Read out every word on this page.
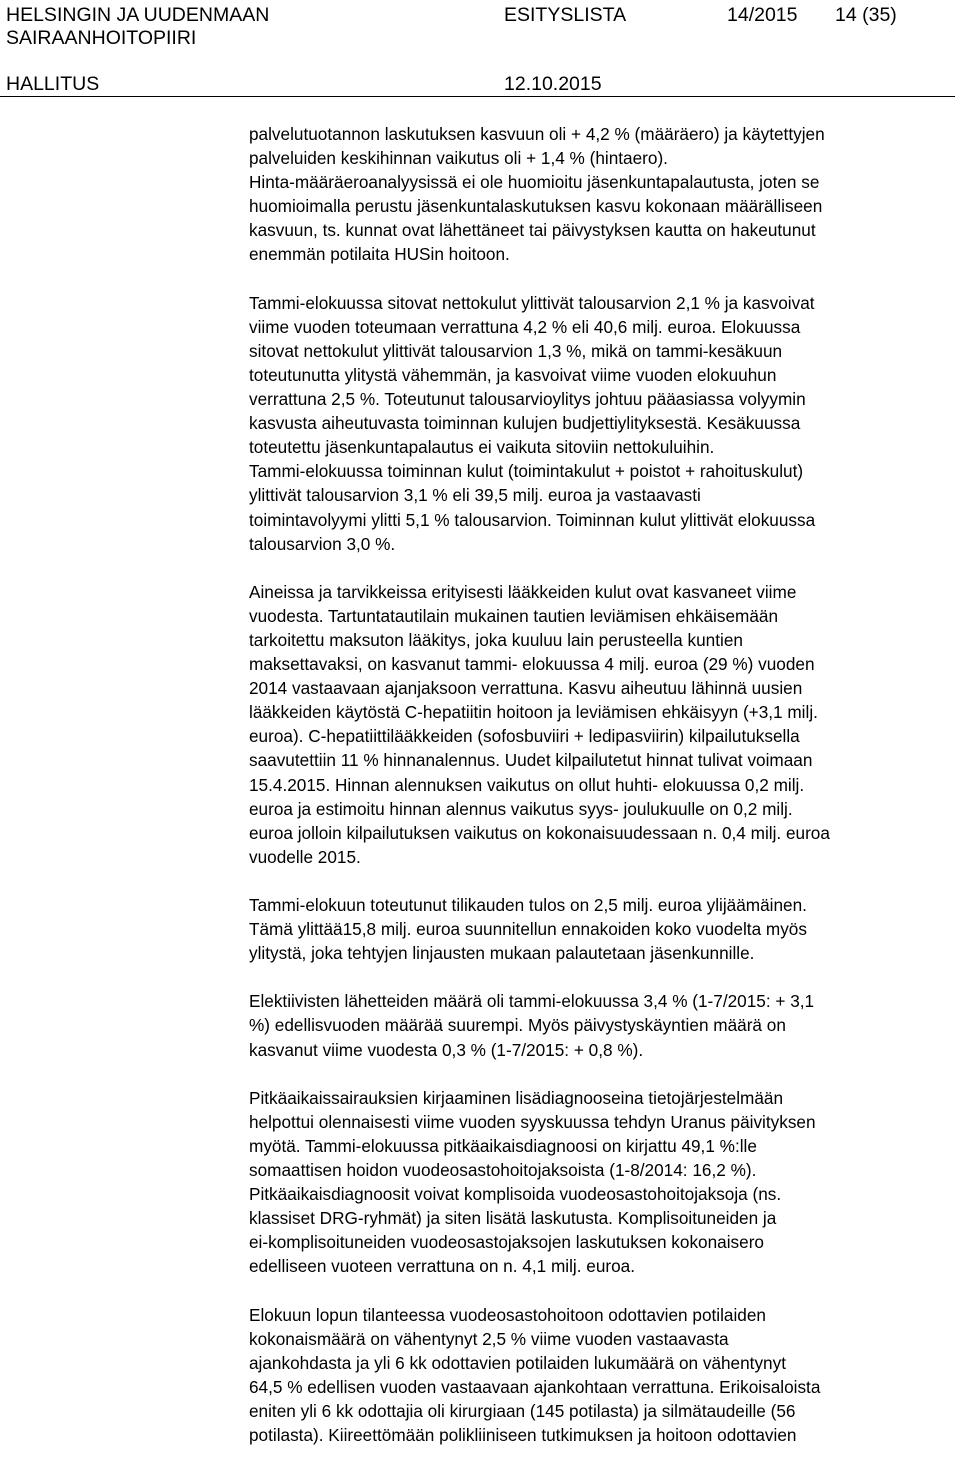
HELSINGIN JA UUDENMAAN
SAIRAANHOITOPIIRI
ESITYSLISTA	14/2015 14 (35)
HALLITUS	12.10.2015

palvelutuotannon laskutuksen kasvuun oli + 4,2 % (määräero) ja käytettyjen
palveluiden keskihinnan vaikutus oli + 1,4 % (hintaero).
Hinta-määräeroanalyysissä ei ole huomioitu jäsenkuntapalautusta, joten se
huomioimalla perustu jäsenkuntalaskutuksen kasvu kokonaan määrälliseen
kasvuun, ts. kunnat ovat lähettäneet tai päivystyksen kautta on hakeutunut
enemmän potilaita HUSin hoitoon.

Tammi-elokuussa sitovat nettokulut ylittivät talousarvion 2,1 % ja kasvoivat
viime vuoden toteumaan verrattuna 4,2 % eli 40,6 milj. euroa. Elokuussa
sitovat nettokulut ylittivät talousarvion 1,3 %, mikä on tammi-kesäkuun
toteutunutta ylitystä vähemmän, ja kasvoivat viime vuoden elokuuhun
verrattuna 2,5 %. Toteutunut talousarvioylitys johtuu pääasiassa volyymin
kasvusta aiheutuvasta toiminnan kulujen budjettiylityksestä. Kesäkuussa
toteutettu jäsenkuntapalautus ei vaikuta sitoviin nettokuluihin.
Tammi-elokuussa toiminnan kulut (toimintakulut + poistot + rahoituskulut)
ylittivät talousarvion 3,1 % eli 39,5 milj. euroa ja vastaavasti
toimintavolyymi ylitti 5,1 % talousarvion. Toiminnan kulut ylittivät elokuussa
talousarvion 3,0 %.

Aineissa ja tarvikkeissa erityisesti lääkkeiden kulut ovat kasvaneet viime
vuodesta. Tartuntatautilain mukainen tautien leviämisen ehkäisemään
tarkoitettu maksuton lääkitys, joka kuuluu lain perusteella kuntien
maksettavaksi, on kasvanut tammi- elokuussa 4 milj. euroa (29 %) vuoden
2014 vastaavaan ajanjaksoon verrattuna. Kasvu aiheutuu lähinnä uusien
lääkkeiden käytöstä C-hepatiitin hoitoon ja leviämisen ehkäisyyn (+3,1 milj.
euroa). C-hepatiittilääkkeiden (sofosbuviiri + ledipasviirin) kilpailutuksella
saavutettiin 11 % hinnanalennus. Uudet kilpailutetut hinnat tulivat voimaan
15.4.2015. Hinnan alennuksen vaikutus on ollut huhti- elokuussa 0,2 milj.
euroa ja estimoitu hinnan alennus vaikutus syys- joulukuulle on 0,2 milj.
euroa jolloin kilpailutuksen vaikutus on kokonaisuudessaan n. 0,4 milj. euroa
vuodelle 2015.

Tammi-elokuun toteutunut tilikauden tulos on 2,5 milj. euroa ylijäämäinen.
Tämä ylittää15,8 milj. euroa suunnitellun ennakoiden koko vuodelta myös
ylitystä, joka tehtyjen linjausten mukaan palautetaan jäsenkunnille.

Elektiivisten lähetteiden määrä oli tammi-elokuussa 3,4 % (1-7/2015: + 3,1
%) edellisvuoden määrää suurempi. Myös päivystyskäyntien määrä on
kasvanut viime vuodesta 0,3 % (1-7/2015: + 0,8 %).

Pitkäaikaissairauksien kirjaaminen lisädiagnooseina tietojärjestelmään
helpottui olennaisesti viime vuoden syyskuussa tehdyn Uranus päivityksen
myötä. Tammi-elokuussa pitkäaikaisdiagnoosi on kirjattu 49,1 %:lle
somaattisen hoidon vuodeosastohoitojaksoista (1-8/2014: 16,2 %).
Pitkäaikaisdiagnoosit voivat komplisoida vuodeosastohoitojaksoja (ns.
klassiset DRG-ryhmät) ja siten lisätä laskutusta. Komplisoituneiden ja
ei-komplisoituneiden vuodeosastojaksojen laskutuksen kokonaisero
edelliseen vuoteen verrattuna on n. 4,1 milj. euroa.

Elokuun lopun tilanteessa vuodeosastohoitoon odottavien potilaiden
kokonaismäärä on vähentynyt 2,5 % viime vuoden vastaavasta
ajankohdasta ja yli 6 kk odottavien potilaiden lukumäärä on vähentynyt
64,5 % edellisen vuoden vastaavaan ajankohtaan verrattuna. Erikoisaloista
eniten yli 6 kk odottajia oli kirurgiaan (145 potilasta) ja silmätaudeille (56
potilasta). Kiireettömään polikliiniseen tutkimuksen ja hoitoon odottavien
